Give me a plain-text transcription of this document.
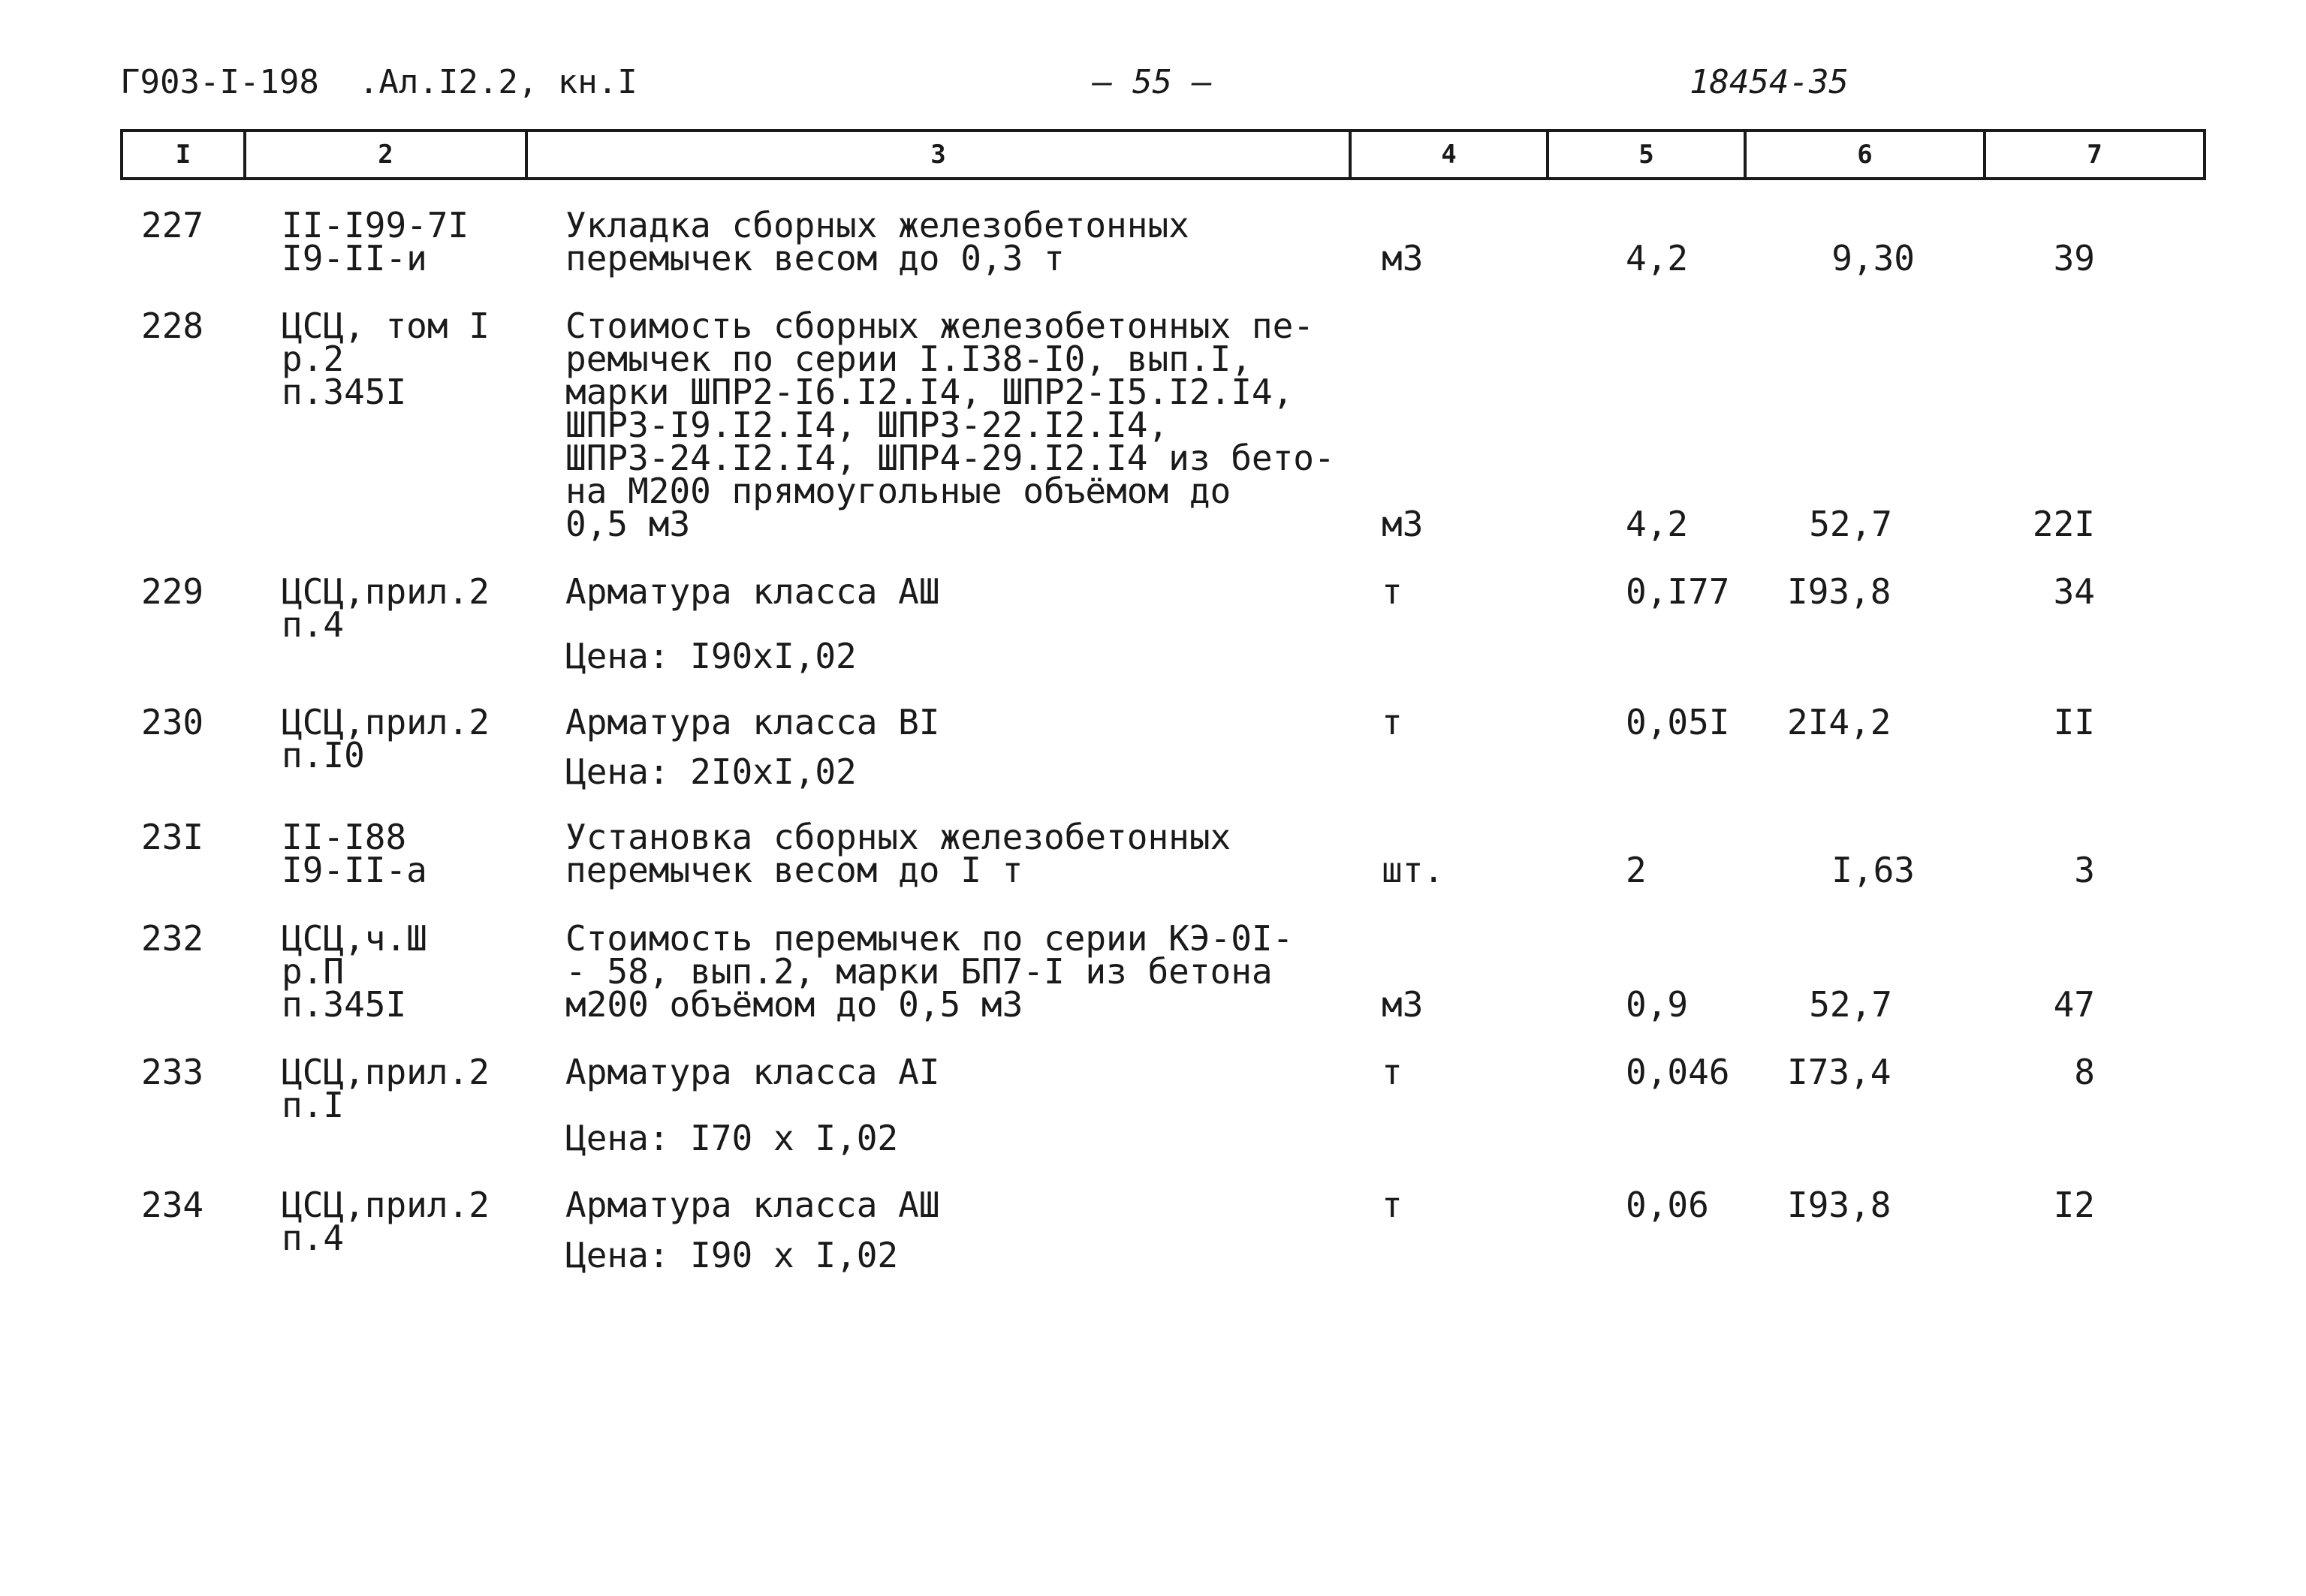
Г903-I-198  .Ал.I2.2, кн.I	— 55 —	18454-35
I	2	3	4	5	6	7
227 II-I99-7I
I9-II-и
Укладка сборных железобетонных
перемычек весом до 0,3 т	м3	4,2	9,30	39
228 ЦСЦ, том I
р.2
п.345I
Стоимость сборных железобетонных пе-
ремычек по серии I.I38-I0, вып.I,
марки ШПР2-I6.I2.I4, ШПР2-I5.I2.I4,
ШПР3-I9.I2.I4, ШПР3-22.I2.I4,
ШПР3-24.I2.I4, ШПР4-29.I2.I4 из бето-
на М200 прямоугольные объёмом до
0,5 м3	м3	4,2	52,7	22I
229 ЦСЦ,прил.2
п.4
Арматура класса АШ
Цена: I90xI,02
т	0,I77 I93,8	34
230 ЦСЦ,прил.2
п.I0
Арматура класса BI
Цена: 2I0xI,02
т	0,05I 2I4,2	II
23I II-I88
I9-II-а
Установка сборных железобетонных
перемычек весом до I т	шт.	2	I,63	3
232 ЦСЦ,ч.Ш
р.П
п.345I
Стоимость перемычек по серии КЭ-0I-
- 58, вып.2, марки БП7-I из бетона
м200 объёмом до 0,5 м3	м3	0,9	52,7	47
233 ЦСЦ,прил.2
п.I
Арматура класса AI
Цена: I70 x I,02
т	0,046 I73,4	8
234 ЦСЦ,прил.2
п.4
Арматура класса АШ
Цена: I90 x I,02
т	0,06 I93,8	I2
